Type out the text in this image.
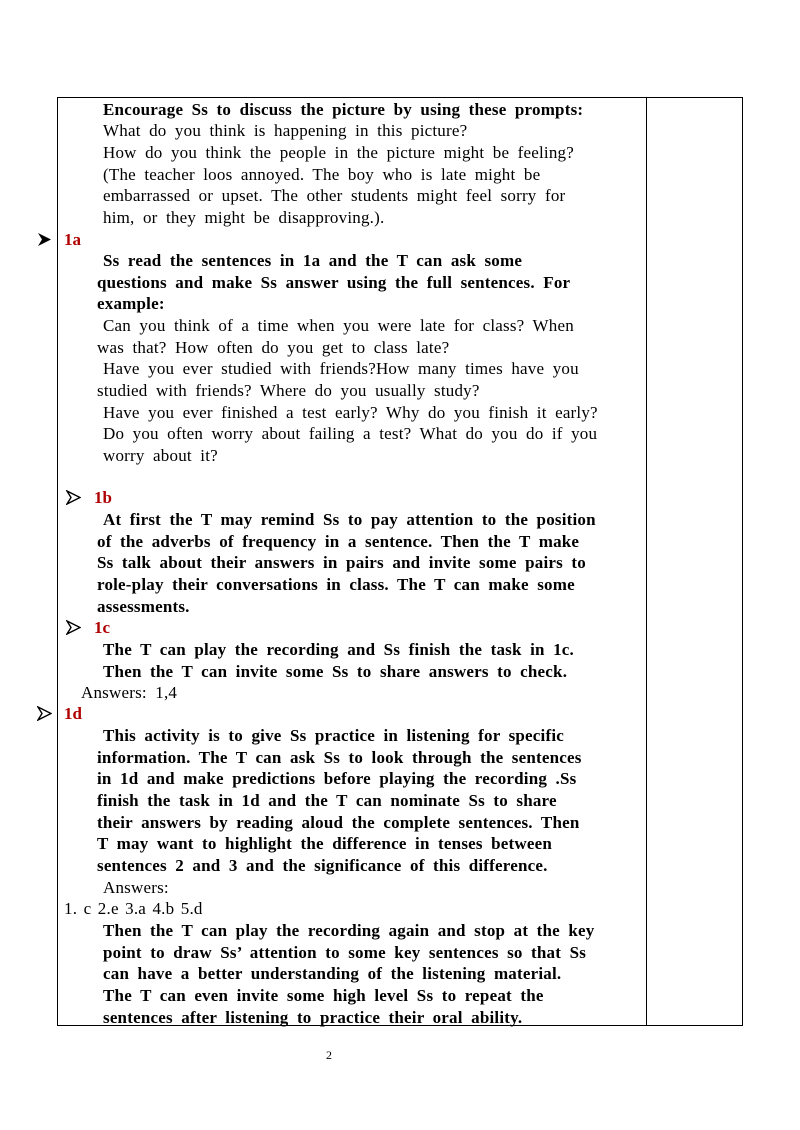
Encourage Ss to discuss the picture by using these prompts:
What do you think is happening in this picture?
How do you think the people in the picture might be feeling?
(The teacher loos annoyed. The boy who is late might be
embarrassed or upset. The other students might feel sorry for
him, or they might be disapproving.).
1a
Ss read the sentences in 1a and the T can ask some
questions and make Ss answer using the full sentences. For
example:
Can you think of a time when you were late for class? When
was that? How often do you get to class late?
Have you ever studied with friends?How many times have you
studied with friends? Where do you usually study?
Have you ever finished a test early? Why do you finish it early?
Do you often worry about failing a test? What do you do if you
worry about it?
1b
At first the T may remind Ss to pay attention to the position
of the adverbs of frequency in a sentence. Then the T make
Ss talk about their answers in pairs and invite some pairs to
role-play their conversations in class. The T can make some
assessments.
1c
The T can play the recording and Ss finish the task in 1c.
Then the T can invite some Ss to share answers to check.
Answers: 1,4
1d
This activity is to give Ss practice in listening for specific
information. The T can ask Ss to look through the sentences
in 1d and make predictions before playing the recording .Ss
finish the task in 1d and the T can nominate Ss to share
their answers by reading aloud the complete sentences. Then
T may want to highlight the difference in tenses between
sentences 2 and 3 and the significance of this difference.
Answers:
1. c 2.e 3.a 4.b 5.d
Then the T can play the recording again and stop at the key
point to draw Ss’ attention to some key sentences so that Ss
can have a better understanding of the listening material.
The T can even invite some high level Ss to repeat the
sentences after listening to practice their oral ability.
2
